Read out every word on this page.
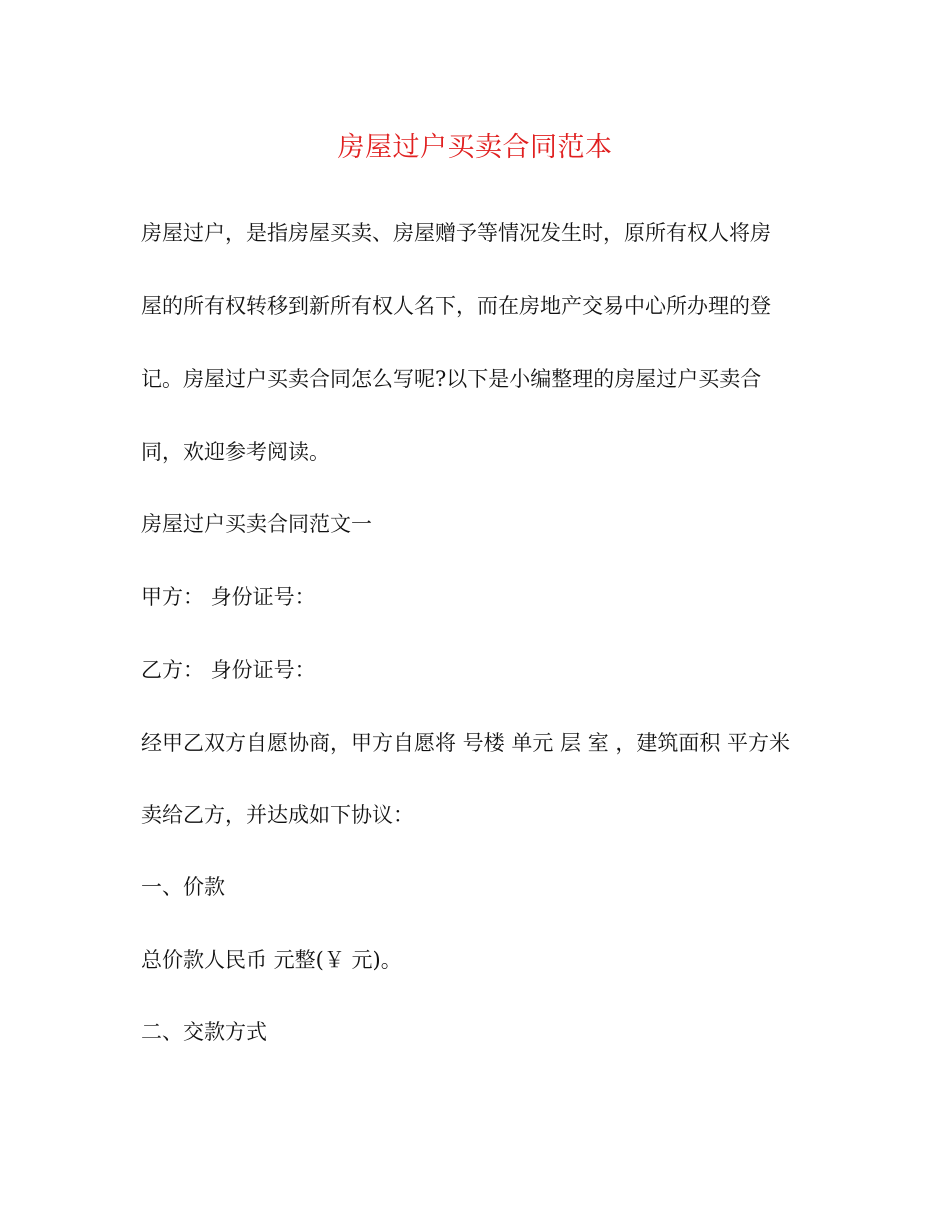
房屋过户买卖合同范本
房屋过户，是指房屋买卖、房屋赠予等情况发生时，原所有权人将房
屋的所有权转移到新所有权人名下，而在房地产交易中心所办理的登
记。房屋过户买卖合同怎么写呢?以下是小编整理的房屋过户买卖合
同，欢迎参考阅读。
房屋过户买卖合同范文一
甲方： 身份证号：
乙方： 身份证号：
经甲乙双方自愿协商，甲方自愿将 号楼 单元 层 室 ，建筑面积 平方米
卖给乙方，并达成如下协议：
一、价款
总价款人民币 元整(￥ 元)。
二、交款方式
